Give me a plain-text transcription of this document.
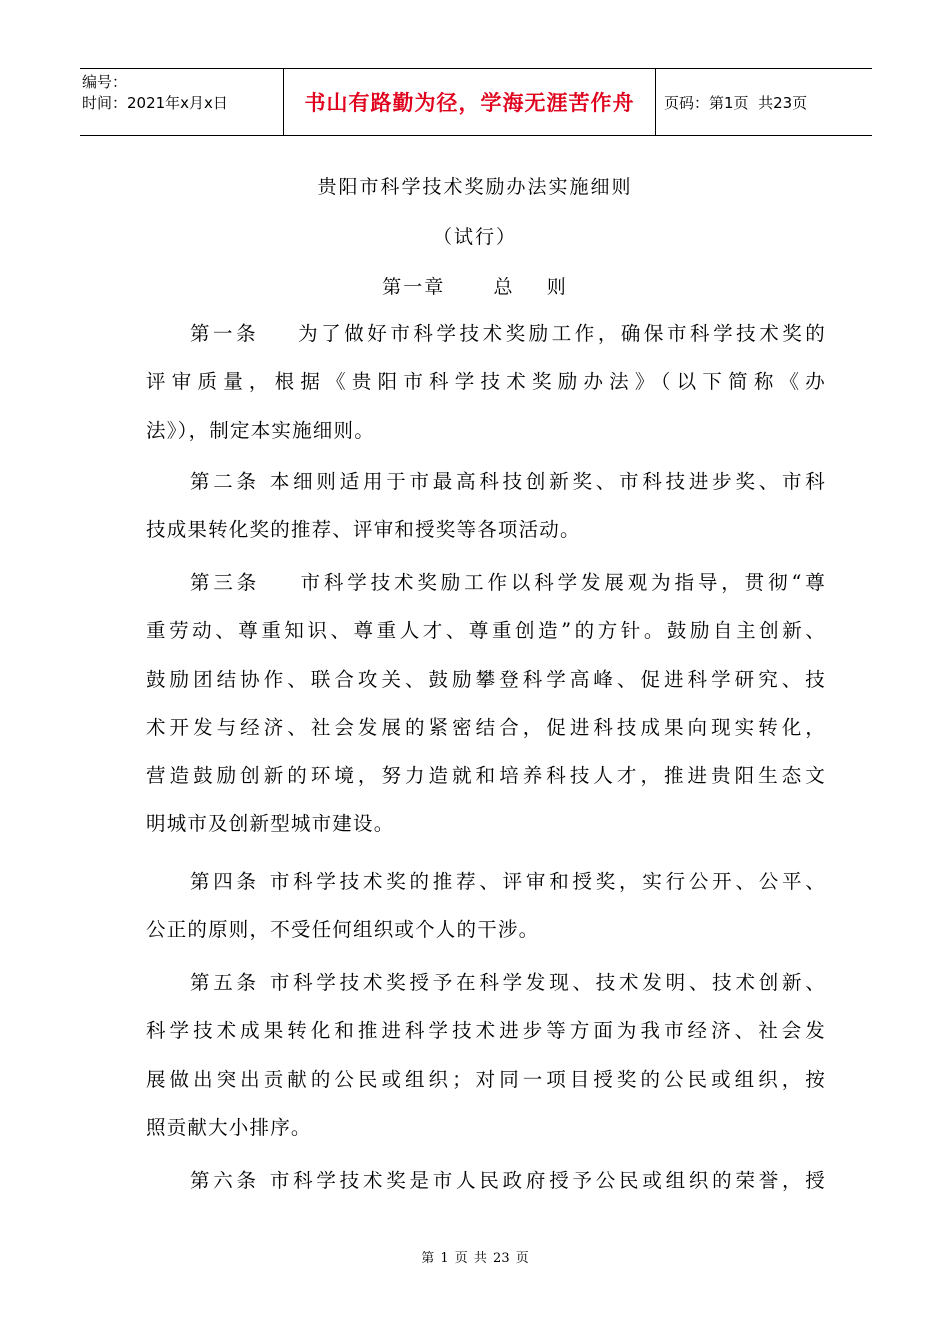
编号：
时间：2021年x月x日	书山有路勤为径，学海无涯苦作舟	页码：第1页  共23页
贵阳市科学技术奖励办法实施细则
（试行）
第一章      总    则
第一条    为了做好市科学技术奖励工作，确保市科学技术奖的
评审质量，根据《贵阳市科学技术奖励办法》（以下简称《办
法》），制定本实施细则。
第二条 本细则适用于市最高科技创新奖、市科技进步奖、市科
技成果转化奖的推荐、评审和授奖等各项活动。
第三条    市科学技术奖励工作以科学发展观为指导，贯彻“尊
重劳动、尊重知识、尊重人才、尊重创造”的方针。鼓励自主创新、
鼓励团结协作、联合攻关、鼓励攀登科学高峰、促进科学研究、技
术开发与经济、社会发展的紧密结合，促进科技成果向现实转化，
营造鼓励创新的环境，努力造就和培养科技人才，推进贵阳生态文
明城市及创新型城市建设。
第四条 市科学技术奖的推荐、评审和授奖，实行公开、公平、
公正的原则，不受任何组织或个人的干涉。
第五条 市科学技术奖授予在科学发现、技术发明、技术创新、
科学技术成果转化和推进科学技术进步等方面为我市经济、社会发
展做出突出贡献的公民或组织；对同一项目授奖的公民或组织，按
照贡献大小排序。
第六条 市科学技术奖是市人民政府授予公民或组织的荣誉，授
第 1 页 共 23 页
